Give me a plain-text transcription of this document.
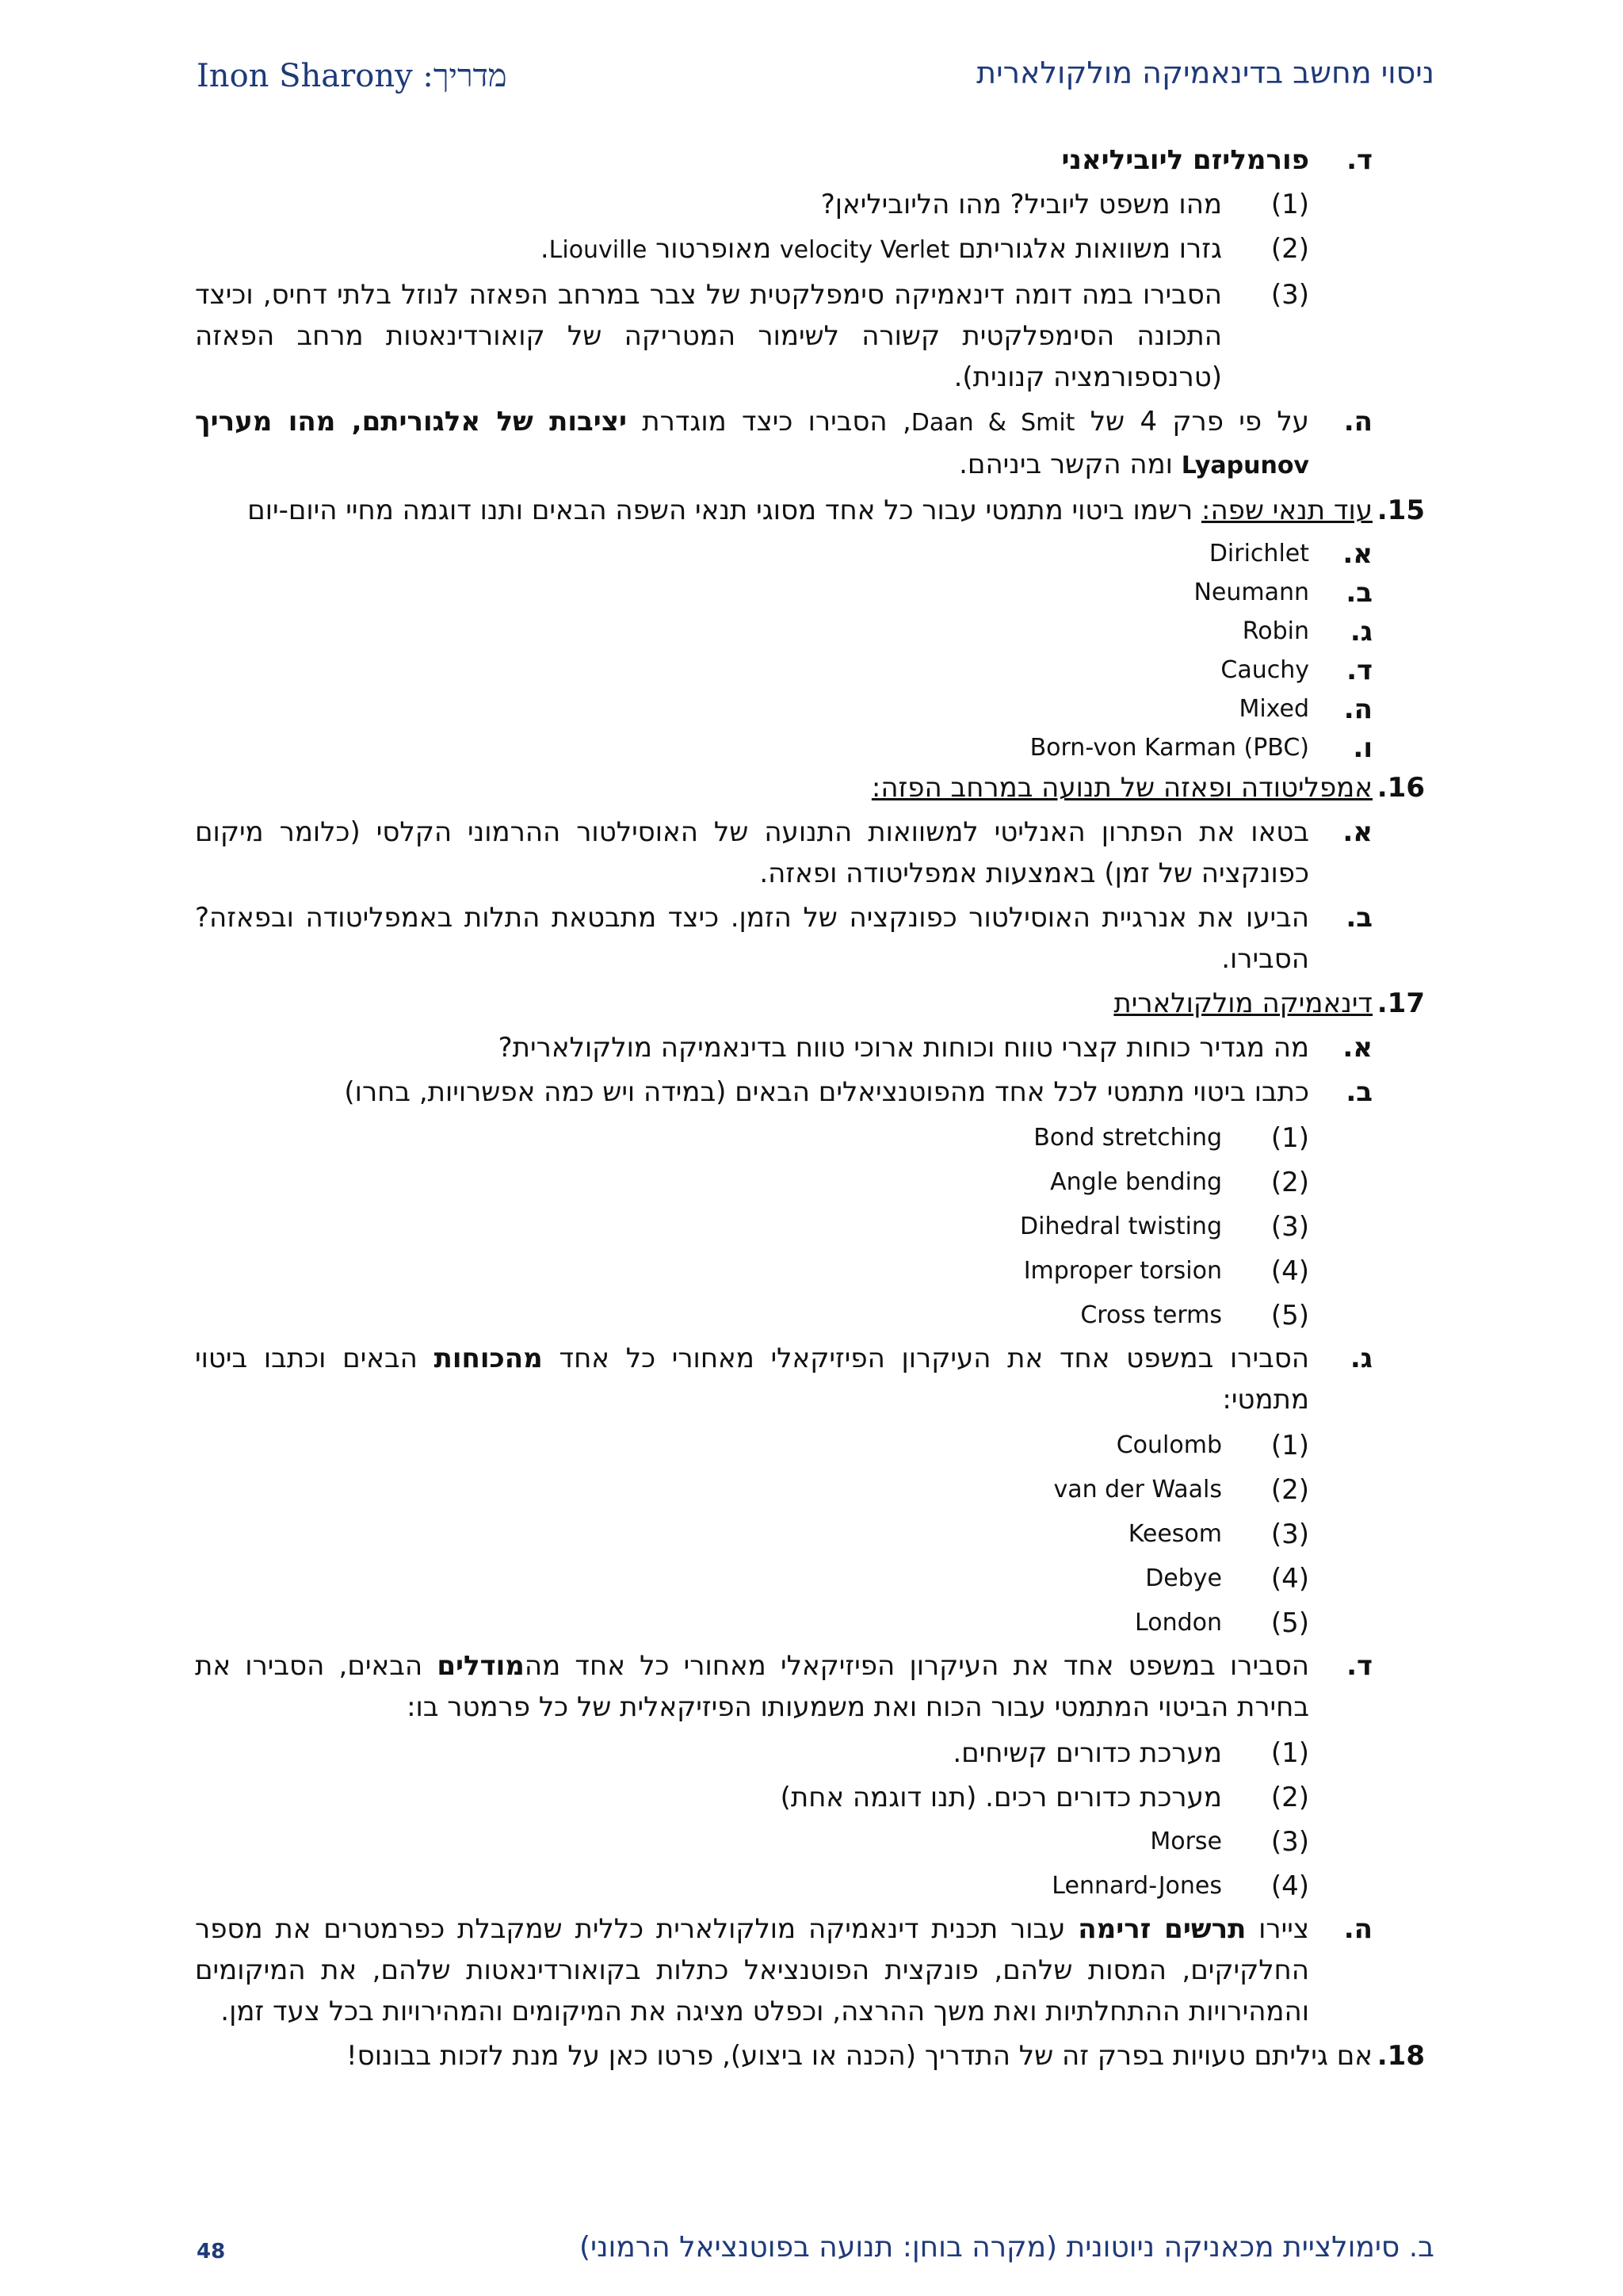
ניסוי מחשב בדינאמיקה מולקולארית
מדריך: Inon Sharony
ד.
פורמליזם ליוביליאני
(1)
מהו משפט ליוביל? מהו הליוביליאן?
(2)
גזרו משוואות אלגוריתם velocity Verlet מאופרטור Liouville.
(3)
הסבירו במה דומה דינאמיקה סימפלקטית של צבר במרחב הפאזה לנוזל בלתי דחיס, וכיצד התכונה הסימפלקטית קשורה לשימור המטריקה של קואורדינאטות מרחב הפאזה (טרנספורמציה קנונית).
ה.
על פי פרק 4 של Daan & Smit, הסבירו כיצד מוגדרת יציבות של אלגוריתם, מהו מעריך Lyapunov ומה הקשר ביניהם.
15.
עוד תנאי שפה: רשמו ביטוי מתמטי עבור כל אחד מסוגי תנאי השפה הבאים ותנו דוגמה מחיי היום-יום
א.
Dirichlet
ב.
Neumann
ג.
Robin
ד.
Cauchy
ה.
Mixed
ו.
Born-von Karman (PBC)
16.
אמפליטודה ופאזה של תנועה במרחב הפזה:
א.
בטאו את הפתרון האנליטי למשוואות התנועה של האוסילטור ההרמוני הקלסי (כלומר מיקום כפונקציה של זמן) באמצעות אמפליטודה ופאזה.
ב.
הביעו את אנרגיית האוסילטור כפונקציה של הזמן. כיצד מתבטאת התלות באמפליטודה ובפאזה? הסבירו.
17.
דינאמיקה מולקולארית
א.
מה מגדיר כוחות קצרי טווח וכוחות ארוכי טווח בדינאמיקה מולקולארית?
ב.
כתבו ביטוי מתמטי לכל אחד מהפוטנציאלים הבאים (במידה ויש כמה אפשרויות, בחרו)
(1)
Bond stretching
(2)
Angle bending
(3)
Dihedral twisting
(4)
Improper torsion
(5)
Cross terms
ג.
הסבירו במשפט אחד את העיקרון הפיזיקאלי מאחורי כל אחד מהכוחות הבאים וכתבו ביטוי מתמטי:
(1)
Coulomb
(2)
van der Waals
(3)
Keesom
(4)
Debye
(5)
London
ד.
הסבירו במשפט אחד את העיקרון הפיזיקאלי מאחורי כל אחד מהמודלים הבאים, הסבירו את בחירת הביטוי המתמטי עבור הכוח ואת משמעותו הפיזיקאלית של כל פרמטר בו:
(1)
מערכת כדורים קשיחים.
(2)
מערכת כדורים רכים. (תנו דוגמה אחת)
(3)
Morse
(4)
Lennard-Jones
ה.
ציירו תרשים זרימה עבור תכנית דינאמיקה מולקולארית כללית שמקבלת כפרמטרים את מספר החלקיקים, המסות שלהם, פונקצית הפוטנציאל כתלות בקואורדינאטות שלהם, את המיקומים והמהירויות ההתחלתיות ואת משך ההרצה, וכפלט מציגה את המיקומים והמהירויות בכל צעד זמן.
18.
אם גיליתם טעויות בפרק זה של התדריך (הכנה או ביצוע), פרטו כאן על מנת לזכות בבונוס!
ב. סימולציית מכאניקה ניוטונית (מקרה בוחן: תנועה בפוטנציאל הרמוני)
48
